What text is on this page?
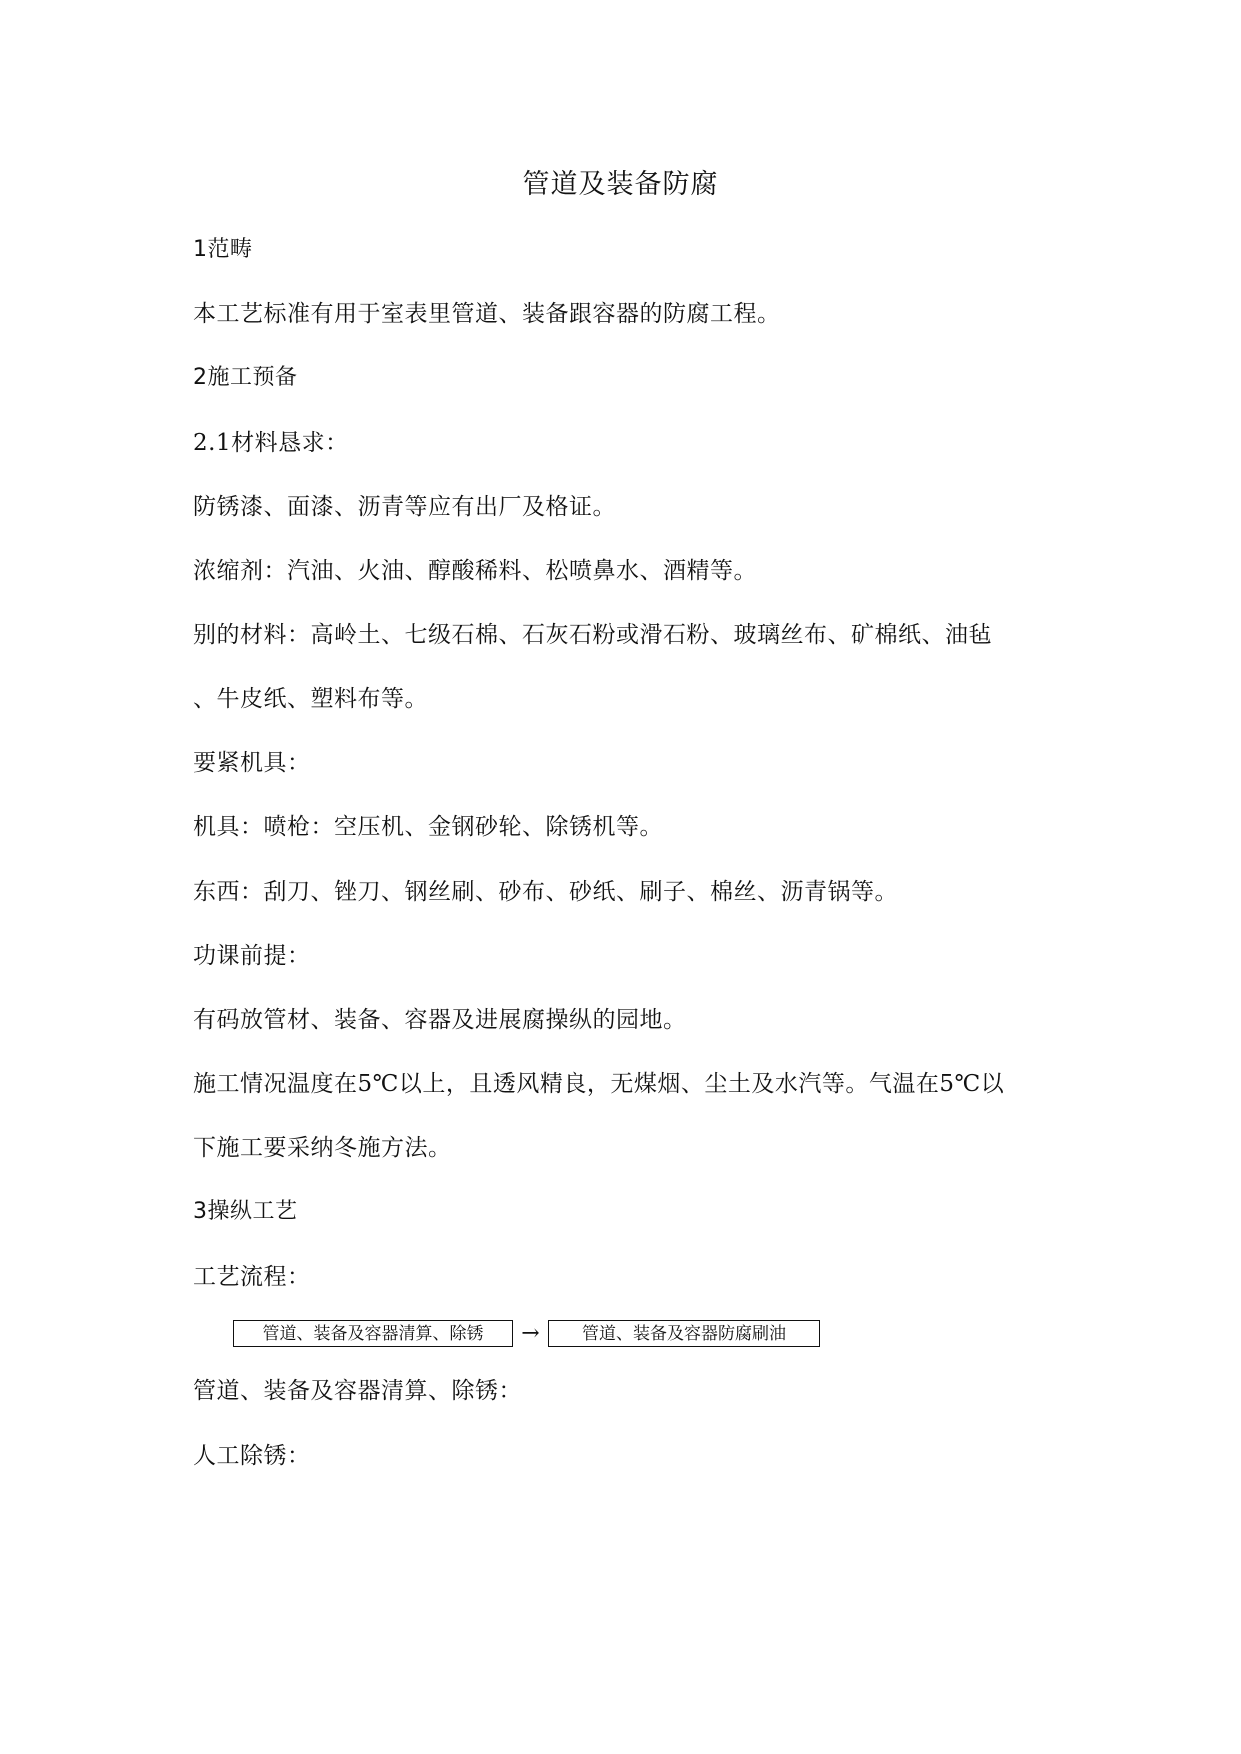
管道及装备防腐
1范畴
本工艺标准有用于室表里管道、装备跟容器的防腐工程。
2施工预备
2.1材料恳求：
防锈漆、面漆、沥青等应有出厂及格证。
浓缩剂：汽油、火油、醇酸稀料、松喷鼻水、酒精等。
别的材料：高岭土、七级石棉、石灰石粉或滑石粉、玻璃丝布、矿棉纸、油毡
、牛皮纸、塑料布等。
要紧机具：
机具：喷枪：空压机、金钢砂轮、除锈机等。
东西：刮刀、锉刀、钢丝刷、砂布、砂纸、刷子、棉丝、沥青锅等。
功课前提：
有码放管材、装备、容器及进展腐操纵的园地。
施工情况温度在5℃以上，且透风精良，无煤烟、尘土及水汽等。气温在5℃以
下施工要采纳冬施方法。
3操纵工艺
工艺流程：
管道、装备及容器清算、除锈	→	管道、装备及容器防腐刷油
管道、装备及容器清算、除锈：
人工除锈：
